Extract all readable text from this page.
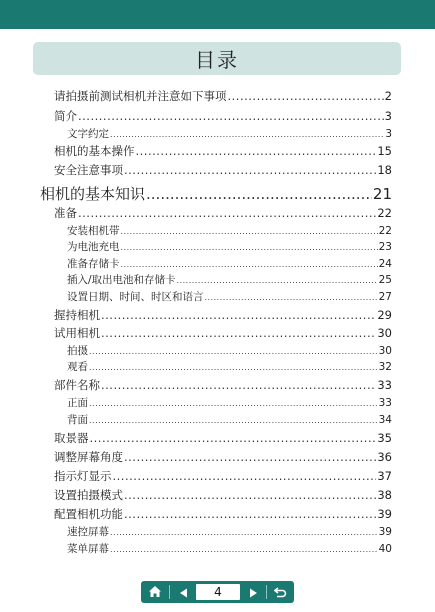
目录
请拍摄前测试相机并注意如下事项 .....	2
简介 .....	3
文字约定 .....	3
相机的基本操作 .....	15
安全注意事项 .....	18
相机的基本知识 .....	21
准备 .....	22
安装相机带 .....	22
为电池充电 .....	23
准备存储卡 .....	24
插入/取出电池和存储卡 .....	25
设置日期、时间、时区和语言 .....	27
握持相机 .....	29
试用相机 .....	30
拍摄 .....	30
观看 .....	32
部件名称 .....	33
正面 .....	33
背面 .....	34
取景器 .....	35
调整屏幕角度 .....	36
指示灯显示 .....	37
设置拍摄模式 .....	38
配置相机功能 .....	39
速控屏幕 .....	39
菜单屏幕 .....	40
4
